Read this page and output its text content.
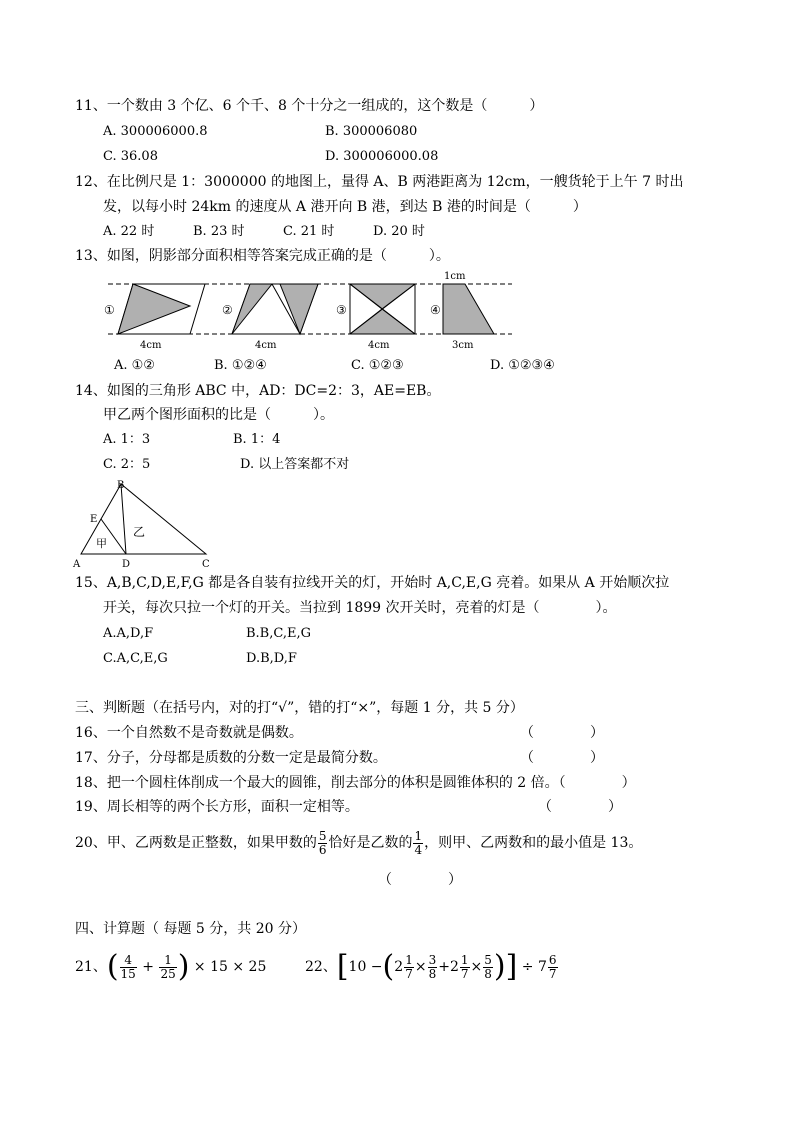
11、一个数由 3 个亿、6 个千、8 个十分之一组成的，这个数是（　　　）
A. 300006000.8	B. 300006080
C. 36.08	D. 300006000.08
12、在比例尺是 1：3000000 的地图上，量得 A、B 两港距离为 12cm，一艘货轮于上午 7 时出
发，以每小时 24km 的速度从 A 港开向 B 港，到达 B 港的时间是（　　　）
A. 22 时	B. 23 时	C. 21 时	D. 20 时
13、如图，阴影部分面积相等答案完成正确的是（　　　）。
①
4cm
②
4cm
③
4cm
④
1cm
3cm
A. ①②	B. ①②④	C. ①②③	D. ①②③④
14、如图的三角形 ABC 中，AD：DC=2：3，AE=EB。
甲乙两个图形面积的比是（　　　）。
A. 1：3	B. 1：4
C. 2：5	D. 以上答案都不对
A
B
C
D
E
甲
乙
15、A,B,C,D,E,F,G 都是各自装有拉线开关的灯，开始时 A,C,E,G 亮着。如果从 A 开始顺次拉
开关，每次只拉一个灯的开关。当拉到 1899 次开关时，亮着的灯是（　　　　）。
A.A,D,F	B.B,C,E,G
C.A,C,E,G	D.B,D,F
三、判断题（在括号内，对的打“√”，错的打“×”，每题 1 分，共 5 分）
16、一个自然数不是奇数就是偶数。	（　　　　）
17、分子，分母都是质数的分数一定是最简分数。	（　　　　）
18、把一个圆柱体削成一个最大的圆锥，削去部分的体积是圆锥体积的 2 倍。（　　　　）
19、周长相等的两个长方形，面积一定相等。	（　　　　）
20、甲、乙两数是正整数，如果甲数的 $\frac{5}{6}$ 恰好是乙数的 $\frac{1}{4}$ ，则甲、乙两数和的最小值是 13。
（　　　　）
四、计算题（ 每题 5 分，共 20 分）
21、( $\frac{4}{15} + \frac{1}{25}$ ) × 15 × 25	22、[$10 -(2 \frac{1}{7} \times \frac{3}{8} +2 \frac{1}{7} \times \frac{5}{8}$ )] ÷ $7 \frac{6}{7}$
